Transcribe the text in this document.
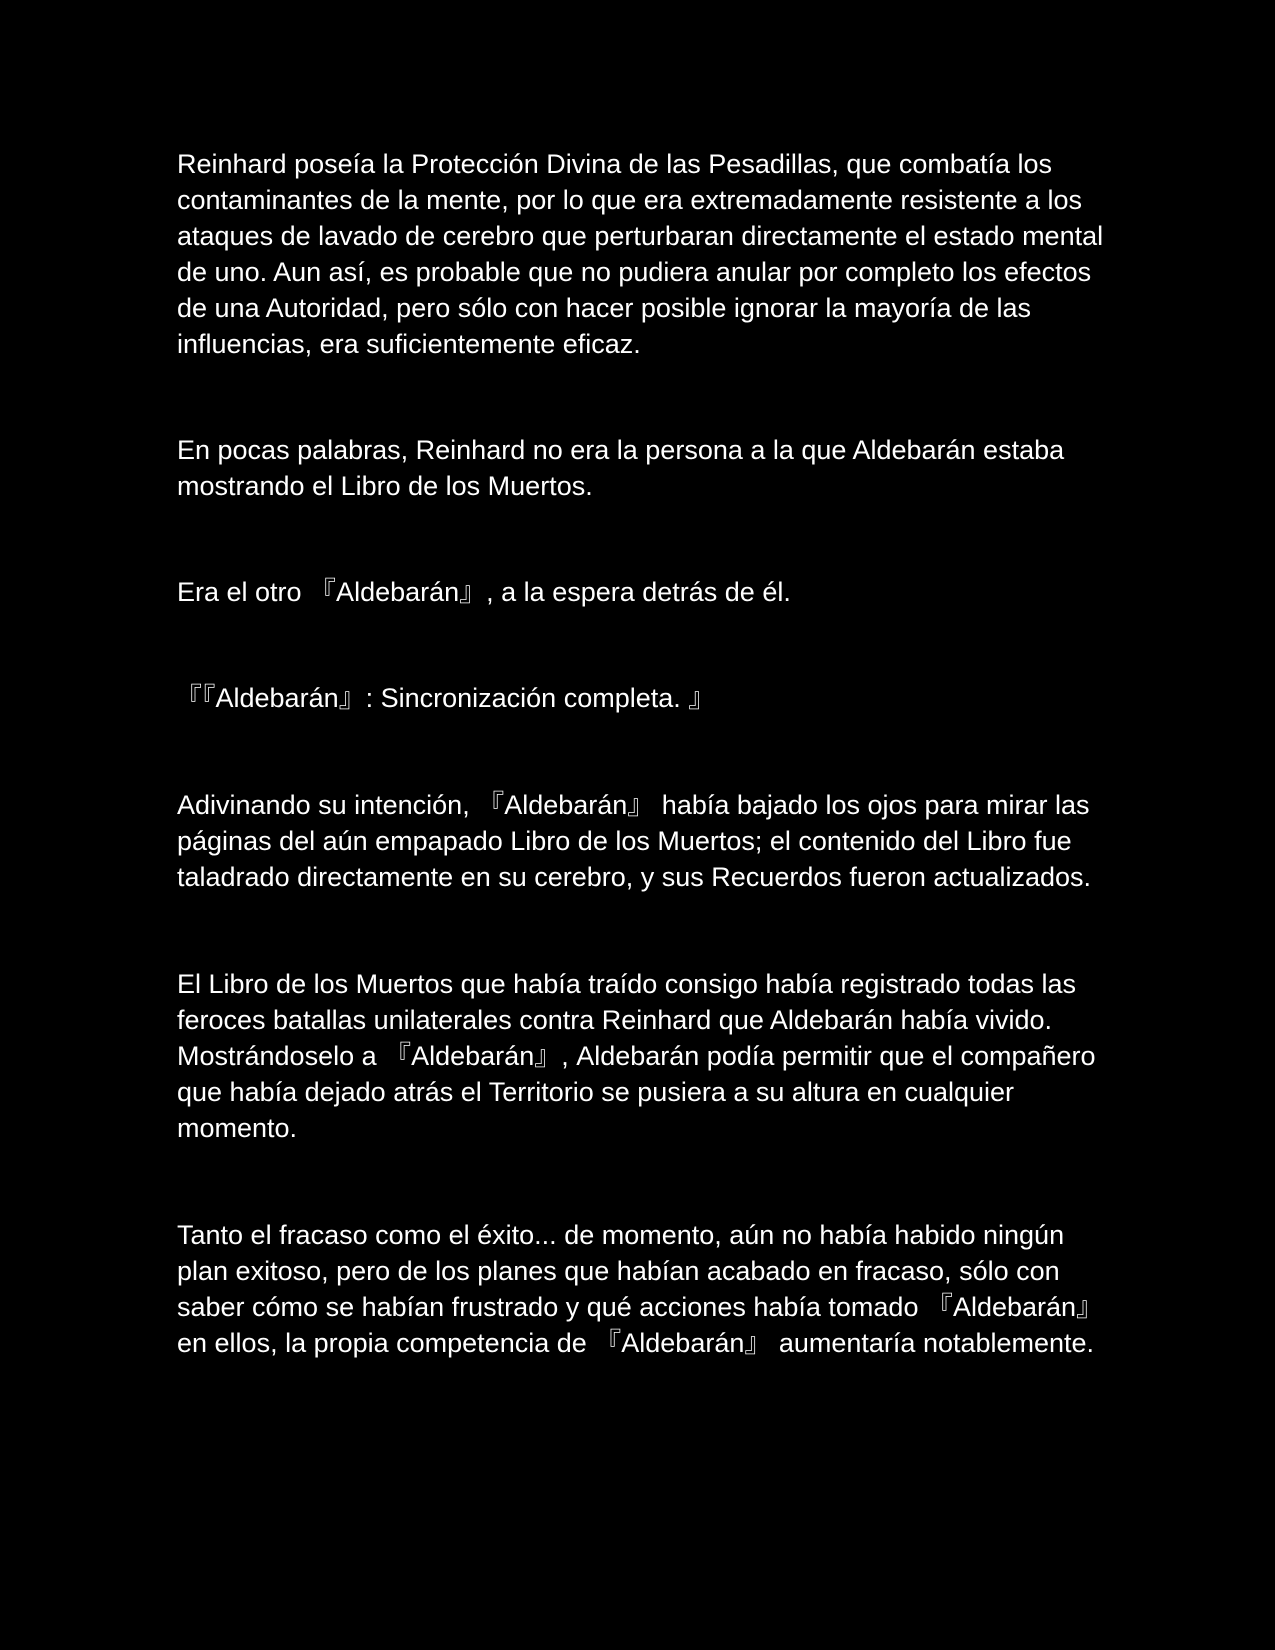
Reinhard poseía la Protección Divina de las Pesadillas, que combatía los contaminantes de la mente, por lo que era extremadamente resistente a los ataques de lavado de cerebro que perturbaran directamente el estado mental de uno. Aun así, es probable que no pudiera anular por completo los efectos de una Autoridad, pero sólo con hacer posible ignorar la mayoría de las influencias, era suficientemente eficaz.

En pocas palabras, Reinhard no era la persona a la que Aldebarán estaba mostrando el Libro de los Muertos.

Era el otro 『Aldebarán』, a la espera detrás de él.

『『Aldebarán』: Sincronización completa. 』

Adivinando su intención, 『Aldebarán』 había bajado los ojos para mirar las páginas del aún empapado Libro de los Muertos; el contenido del Libro fue taladrado directamente en su cerebro, y sus Recuerdos fueron actualizados.

El Libro de los Muertos que había traído consigo había registrado todas las feroces batallas unilaterales contra Reinhard que Aldebarán había vivido. Mostrándoselo a 『Aldebarán』, Aldebarán podía permitir que el compañero que había dejado atrás el Territorio se pusiera a su altura en cualquier momento.

Tanto el fracaso como el éxito... de momento, aún no había habido ningún plan exitoso, pero de los planes que habían acabado en fracaso, sólo con saber cómo se habían frustrado y qué acciones había tomado 『Aldebarán』 en ellos, la propia competencia de 『Aldebarán』 aumentaría notablemente.
